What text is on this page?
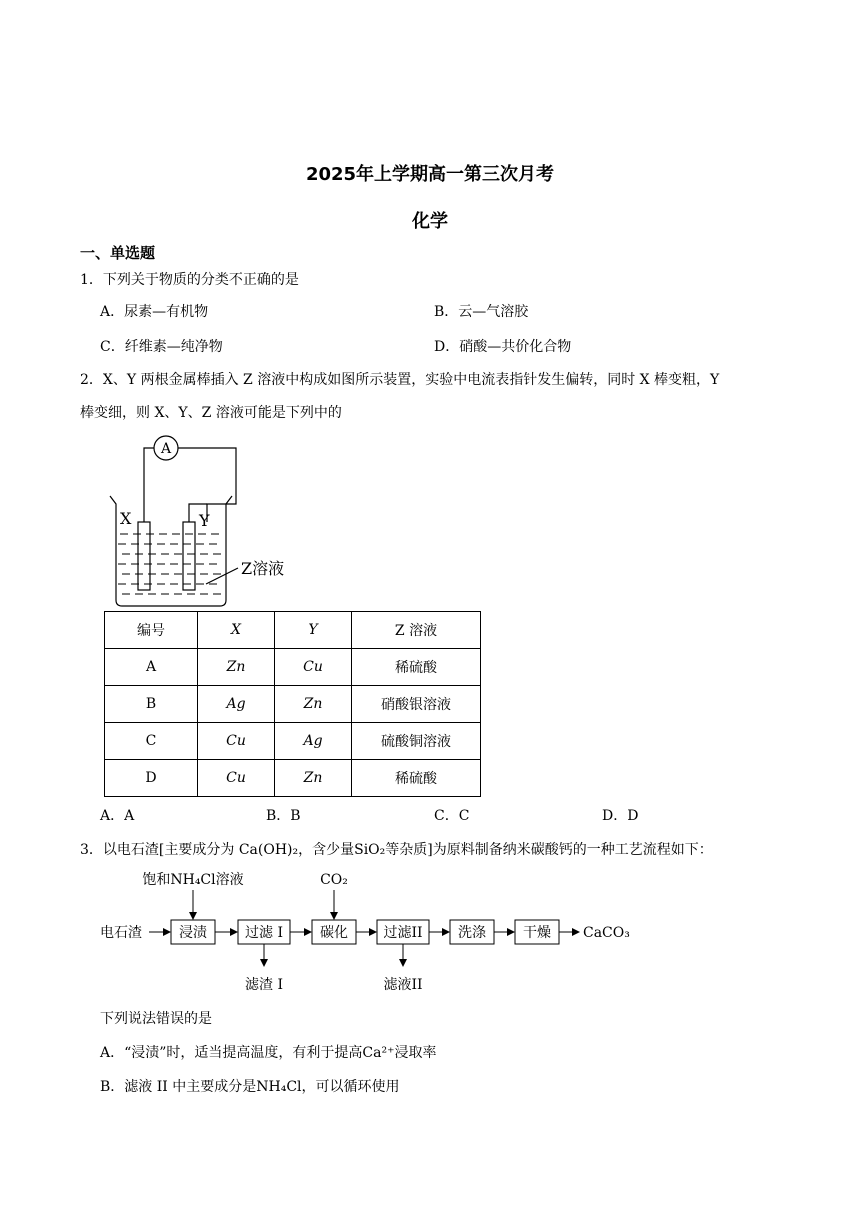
2025年上学期高一第三次月考
化学
一、单选题
1．下列关于物质的分类不正确的是
A．尿素—有机物	B．云—气溶胶
C．纤维素—纯净物	D．硝酸—共价化合物
2．X、Y 两根金属棒插入 Z 溶液中构成如图所示装置，实验中电流表指针发生偏转，同时 X 棒变粗，Y
棒变细，则 X、Y、Z 溶液可能是下列中的
A
X	Y
Z溶液
编号	X	Y	Z 溶液
A	Zn	Cu	稀硫酸
B	Ag	Zn	硝酸银溶液
C	Cu	Ag	硫酸铜溶液
D	Cu	Zn	稀硫酸
A．A	B．B	C．C	D．D
3．以电石渣[主要成分为 Ca(OH)₂，含少量SiO₂等杂质]为原料制备纳米碳酸钙的一种工艺流程如下：
电石渣	浸渍	过滤 I	碳化	过滤II	洗涤	干燥 CaCO₃
饱和NH₄Cl溶液	CO₂
滤渣 I	滤液II
下列说法错误的是
A．“浸渍”时，适当提高温度，有利于提高Ca²⁺浸取率
B．滤液 II 中主要成分是NH₄Cl，可以循环使用
